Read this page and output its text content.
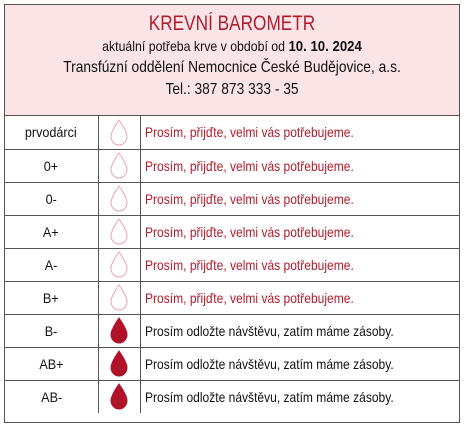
KREVNÍ BAROMETR
aktuální potřeba krve v období od 10. 10. 2024
Transfúzní oddělení Nemocnice České Budějovice, a.s.
Tel.: 387 873 333 - 35
prvodárci		Prosím, přijďte, velmi vás potřebujeme.
0+		Prosím, přijďte, velmi vás potřebujeme.
0-		Prosím, přijďte, velmi vás potřebujeme.
A+		Prosím, přijďte, velmi vás potřebujeme.
A-		Prosím, přijďte, velmi vás potřebujeme.
B+		Prosím, přijďte, velmi vás potřebujeme.
B-		Prosím odložte návštěvu, zatím máme zásoby.
AB+		Prosím odložte návštěvu, zatím máme zásoby.
AB-		Prosím odložte návštěvu, zatím máme zásoby.
